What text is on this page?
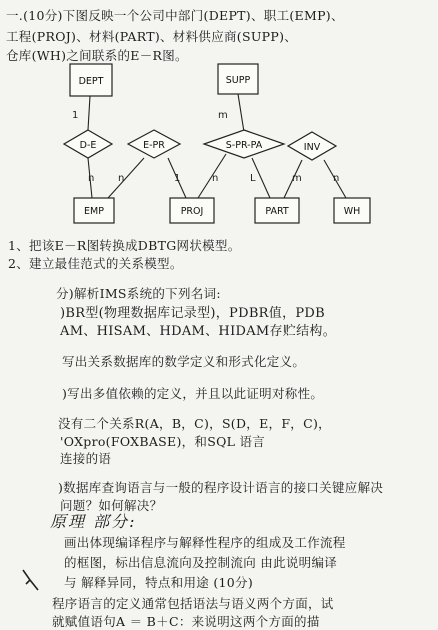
一.(10分)下图反映一个公司中部门(DEPT)、职工(EMP)、
工程(PROJ)、材料(PART)、材料供应商(SUPP)、
仓库(WH)之间联系的E－R图。
DEPT	SUPP
EMP	PROJ	PART	WH
D-E	E-PR	S-PR-PA	INV
1
n n	1
m
n	L	m	n
1、把该E－R图转换成DBTG网状模型。
2、建立最佳范式的关系模型。
分)解析IMS系统的下列名词:
)BR型(物理数据库记录型)，PDBR值，PDB
AM、HISAM、HDAM、HIDAM存贮结构。
写出关系数据库的数学定义和形式化定义。
)写出多值依赖的定义，并且以此证明对称性。
没有二个关系R(A，B，C)，S(D，E，F，C)，
'OXpro(FOXBASE)，和SQL 语言
连接的语
)数据库查询语言与一般的程序设计语言的接口关键应解决
问题？如何解决？
原理 部分:
画出体现编译程序与解释性程序的组成及工作流程
的框图，标出信息流向及控制流向 由此说明编译
与 解释异同，特点和用途 (10分)
程序语言的定义通常包括语法与语义两个方面，试
就赋值语句A ＝ B＋C：来说明这两个方面的描
